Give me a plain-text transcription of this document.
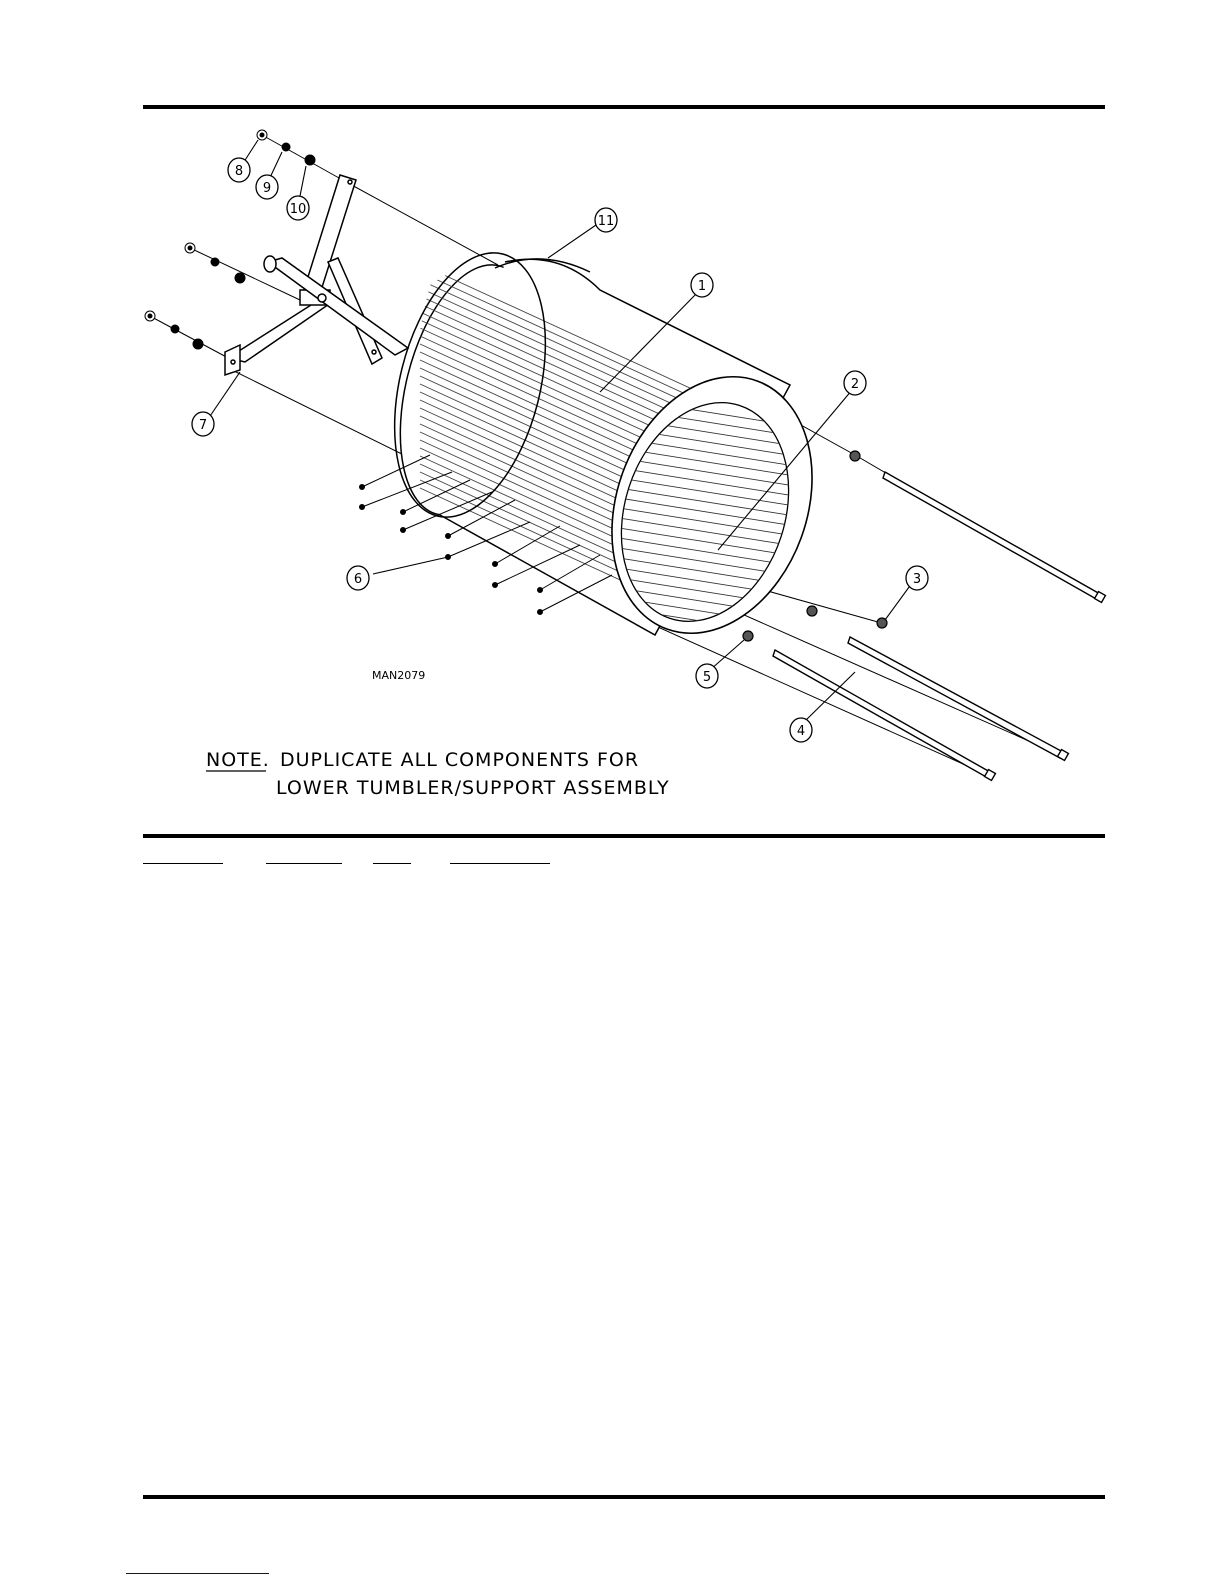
1
2
3
4
5
6
7
8
9
10
11
MAN2079
NOTE. DUPLICATE ALL COMPONENTS FOR
LOWER TUMBLER/SUPPORT ASSEMBLY
